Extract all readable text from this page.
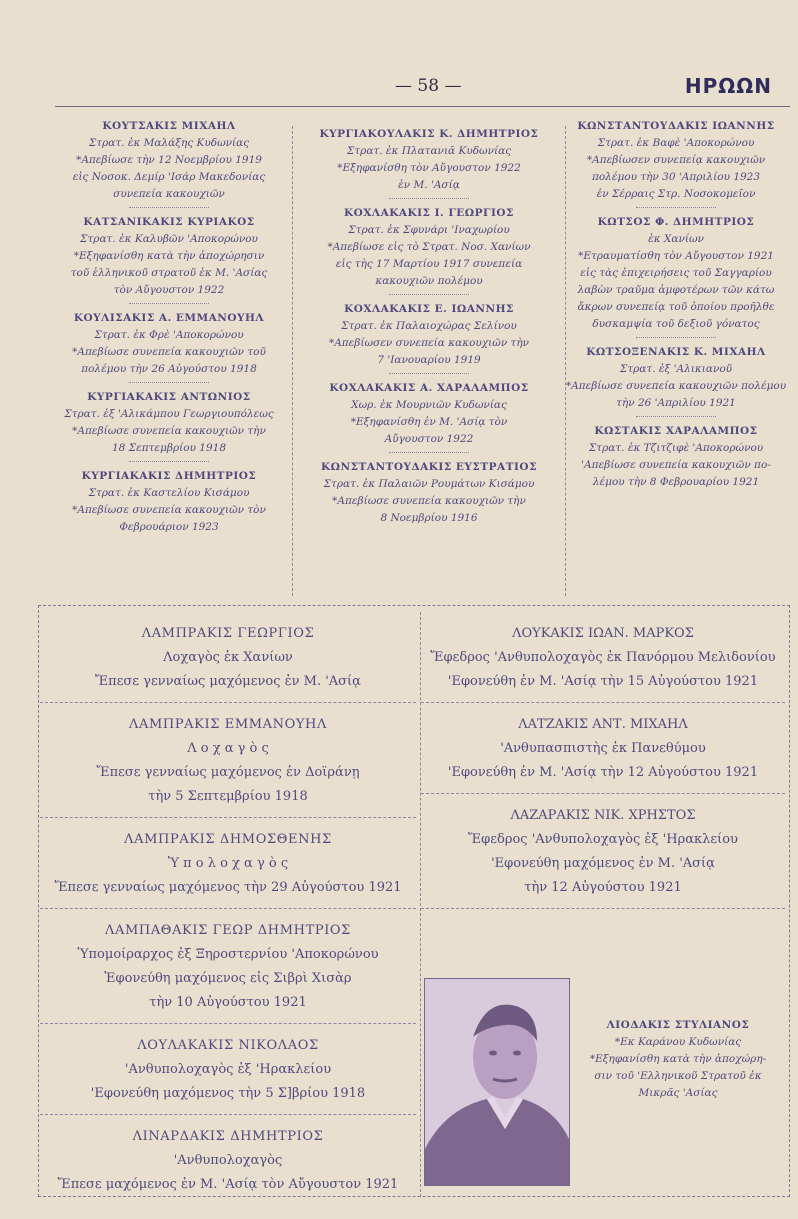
— 58 —	ΗΡΩΩΝ
ΚΟΥΤΣΑΚΙΣ ΜΙΧΑΗΛ
Στρατ. ἐκ Μαλάξης Κυδωνίας
*Απεβίωσε τὴν 12 Νοεμβρίου 1919
εἰς Νοσοκ. Δεμίρ 'Ισάρ Μακεδονίας
συνεπεία κακουχιῶν
ΚΑΤΣΑΝΙΚΑΚΙΣ ΚΥΡΙΑΚΟΣ
Στρατ. ἐκ Καλυβῶν 'Αποκορώνου
*Εξηφανίσθη κατὰ τὴν ἀποχώρησιν
τοῦ ἑλληνικοῦ στρατοῦ ἐκ Μ. 'Ασίας
τὸν Αὔγουστον 1922
ΚΟΥΛΙΣΑΚΙΣ Α. ΕΜΜΑΝΟΥΗΛ
Στρατ. ἐκ Φρὲ 'Αποκορώνου
*Απεβίωσε συνεπεία κακουχιῶν τοῦ
πολέμου τὴν 26 Αὐγούστου 1918
ΚΥΡΓΙΑΚΑΚΙΣ ΑΝΤΩΝΙΟΣ
Στρατ. ἐξ 'Αλικάμπου Γεωργιουπόλεως
*Απεβίωσε συνεπεία κακουχιῶν τὴν
18 Σεπτεμβρίου 1918
ΚΥΡΓΙΑΚΑΚΙΣ ΔΗΜΗΤΡΙΟΣ
Στρατ. ἐκ Καστελίου Κισάμου
*Απεβίωσε συνεπεία κακουχιῶν τὸν
Φεβρουάριον 1923
ΚΥΡΓΙΑΚΟΥΛΑΚΙΣ Κ. ΔΗΜΗΤΡΙΟΣ
Στρατ. ἐκ Πλατανιᾶ Κυδωνίας
*Εξηφανίσθη τὸν Αὔγουστον 1922
ἐν Μ. 'Ασίᾳ
ΚΟΧΛΑΚΑΚΙΣ Ι. ΓΕΩΡΓΙΟΣ
Στρατ. ἐκ Σφυνάρι 'Ιναχωρίου
*Απεβίωσε εἰς τὸ Στρατ. Νοσ. Χανίων
εἰς τὴς 17 Μαρτίου 1917 συνεπεία
κακουχιῶν πολέμου
ΚΟΧΛΑΚΑΚΙΣ Ε. ΙΩΑΝΝΗΣ
Στρατ. ἐκ Παλαιοχώρας Σελίνου
*Απεβίωσεν συνεπεία κακουχιῶν τὴν
7 'Ιανουαρίου 1919
ΚΟΧΛΑΚΑΚΙΣ Α. ΧΑΡΑΛΑΜΠΟΣ
Χωρ. ἐκ Μουρνιῶν Κυδωνίας
*Εξηφανίσθη ἐν Μ. 'Ασίᾳ τὸν
Αὔγουστον 1922
ΚΩΝΣΤΑΝΤΟΥΔΑΚΙΣ ΕΥΣΤΡΑΤΙΟΣ
Στρατ. ἐκ Παλαιῶν Ρουμάτων Κισάμου
*Απεβίωσε συνεπεία κακουχιῶν τὴν
8 Νοεμβρίου 1916
ΚΩΝΣΤΑΝΤΟΥΔΑΚΙΣ ΙΩΑΝΝΗΣ
Στρατ. ἐκ Βαφὲ 'Αποκορώνου
*Απεβίωσεν συνεπείᾳ κακουχιῶν
πολέμου τὴν 30 'Απριλίου 1923
ἐν Σέρραις Στρ. Νοσοκομεῖον
ΚΩΤΣΟΣ Φ. ΔΗΜΗΤΡΙΟΣ
ἐκ Χανίων
*Ετραυματίσθη τὸν Αὔγουστον 1921
εἰς τὰς ἐπιχειρήσεις τοῦ Σαγγαρίου
λαβὼν τραῦμα ἀμφοτέρων τῶν κάτω
ἄκρων συνεπείᾳ τοῦ ὁποίου προῆλθε
δυσκαμψία τοῦ δεξιοῦ γόνατος
ΚΩΤΣΟΞΕΝΑΚΙΣ Κ. ΜΙΧΑΗΛ
Στρατ. ἐξ 'Αλικιανοῦ
*Απεβίωσε συνεπεία κακουχιῶν πολέμου
τὴν 26 'Απριλίου 1921
ΚΩΣΤΑΚΙΣ ΧΑΡΑΛΑΜΠΟΣ
Στρατ. ἐκ Τζιτζιφὲ 'Αποκορώνου
'Απεβίωσε συνεπεία κακουχιῶν πο-
λέμου τὴν 8 Φεβρουαρίου 1921
ΛΑΜΠΡΑΚΙΣ ΓΕΩΡΓΙΟΣ
Λοχαγὸς ἐκ Χανίων
Ἔπεσε γενναίως μαχόμενος ἐν Μ. 'Ασίᾳ
ΛΑΜΠΡΑΚΙΣ ΕΜΜΑΝΟΥΗΛ
Λ ο χ α γ ὸ ς
Ἔπεσε γενναίως μαχόμενος ἐν Δοϊράνῃ
τὴν 5 Σεπτεμβρίου 1918
ΛΑΜΠΡΑΚΙΣ ΔΗΜΟΣΘΕΝΗΣ
Ὑ π ο λ ο χ α γ ὸ ς
Ἔπεσε γενναίως μαχόμενος τὴν 29 Αὐγούστου 1921
ΛΑΜΠΑΘΑΚΙΣ ΓΕΩΡ ΔΗΜΗΤΡΙΟΣ
Ὑπομοίραρχος ἐξ Ξηροστερνίου 'Αποκορώνου
Ἐφονεύθη μαχόμενος εἰς Σιβρὶ Χισὰρ
τὴν 10 Αὐγούστου 1921
ΛΟΥΛΑΚΑΚΙΣ ΝΙΚΟΛΑΟΣ
'Ανθυπολοχαγὸς ἐξ 'Ηρακλείου
'Εφονεύθη μαχόμενος τὴν 5 Σ]βρίου 1918
ΛΙΝΑΡΔΑΚΙΣ ΔΗΜΗΤΡΙΟΣ
'Ανθυπολοχαγὸς
Ἔπεσε μαχόμενος ἐν Μ. 'Ασίᾳ τὸν Αὔγουστον 1921
ΛΟΥΚΑΚΙΣ ΙΩΑΝ. ΜΑΡΚΟΣ
Ἔφεδρος 'Ανθυπολοχαγὸς ἐκ Πανόρμου Μελιδονίου
'Εφονεύθη ἐν Μ. 'Ασίᾳ τὴν 15 Αὐγούστου 1921
ΛΑΤΖΑΚΙΣ ΑΝΤ. ΜΙΧΑΗΛ
'Ανθυπασπιστὴς ἐκ Πανεθύμου
'Εφονεύθη ἐν Μ. 'Ασίᾳ τὴν 12 Αὐγούστου 1921
ΛΑΖΑΡΑΚΙΣ ΝΙΚ. ΧΡΗΣΤΟΣ
Ἔφεδρος 'Ανθυπολοχαγὸς ἐξ 'Ηρακλείου
'Εφονεύθη μαχόμενος ἐν Μ. 'Ασίᾳ
τὴν 12 Αὐγούστου 1921
ΛΙΟΔΑΚΙΣ ΣΤΥΛΙΑΝΟΣ
*Εκ Καράνου Κυδωνίας
*Εξηφανίσθη κατὰ τὴν ἀποχώρη-
σιν τοῦ 'Ελληνικοῦ Στρατοῦ ἐκ
Μικρᾶς 'Ασίας
